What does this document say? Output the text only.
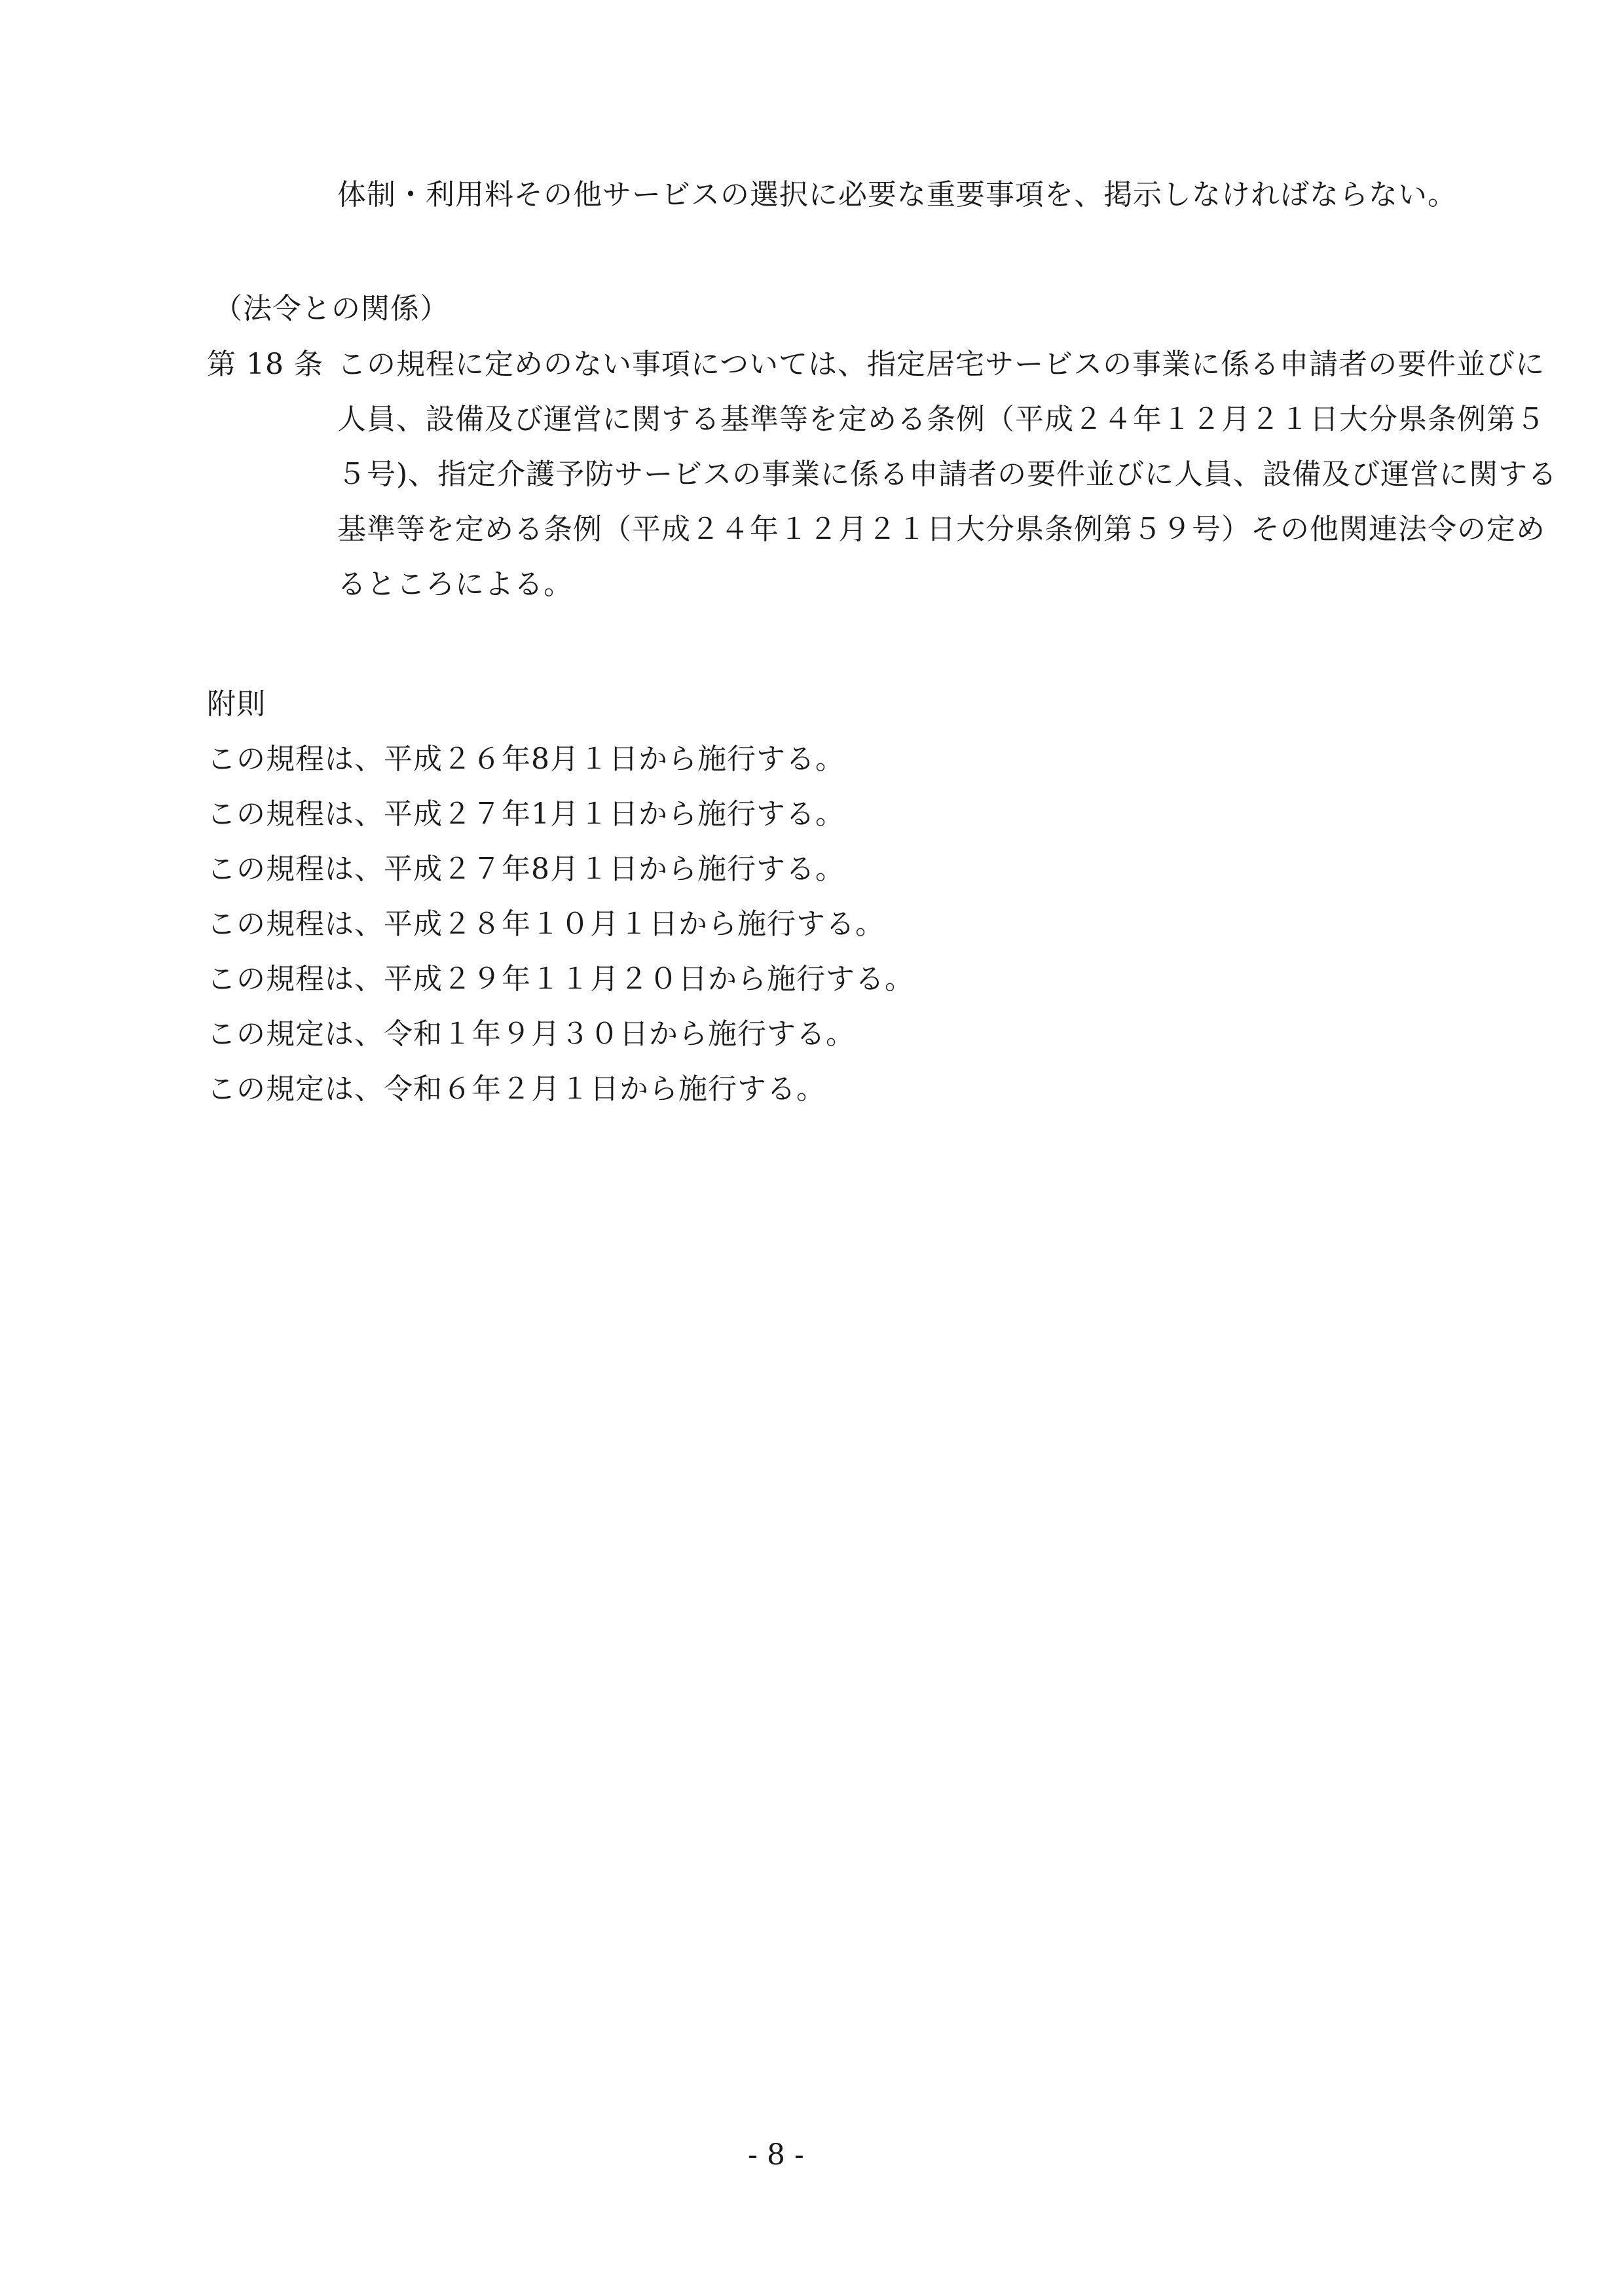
体制・利用料その他サービスの選択に必要な重要事項を、掲示しなければならない。
（法令との関係）
第 18 条 この規程に定めのない事項については、指定居宅サービスの事業に係る申請者の要件並びに
人員、設備及び運営に関する基準等を定める条例（平成２４年１２月２１日大分県条例第５
５号)、指定介護予防サービスの事業に係る申請者の要件並びに人員、設備及び運営に関する
基準等を定める条例（平成２４年１２月２１日大分県条例第５９号）その他関連法令の定め
るところによる。
附則
この規程は、平成２６年8月１日から施行する。
この規程は、平成２７年1月１日から施行する。
この規程は、平成２７年8月１日から施行する。
この規程は、平成２８年１０月１日から施行する。
この規程は、平成２９年１１月２０日から施行する。
この規定は、令和１年９月３０日から施行する。
この規定は、令和６年２月１日から施行する。
- 8 -
